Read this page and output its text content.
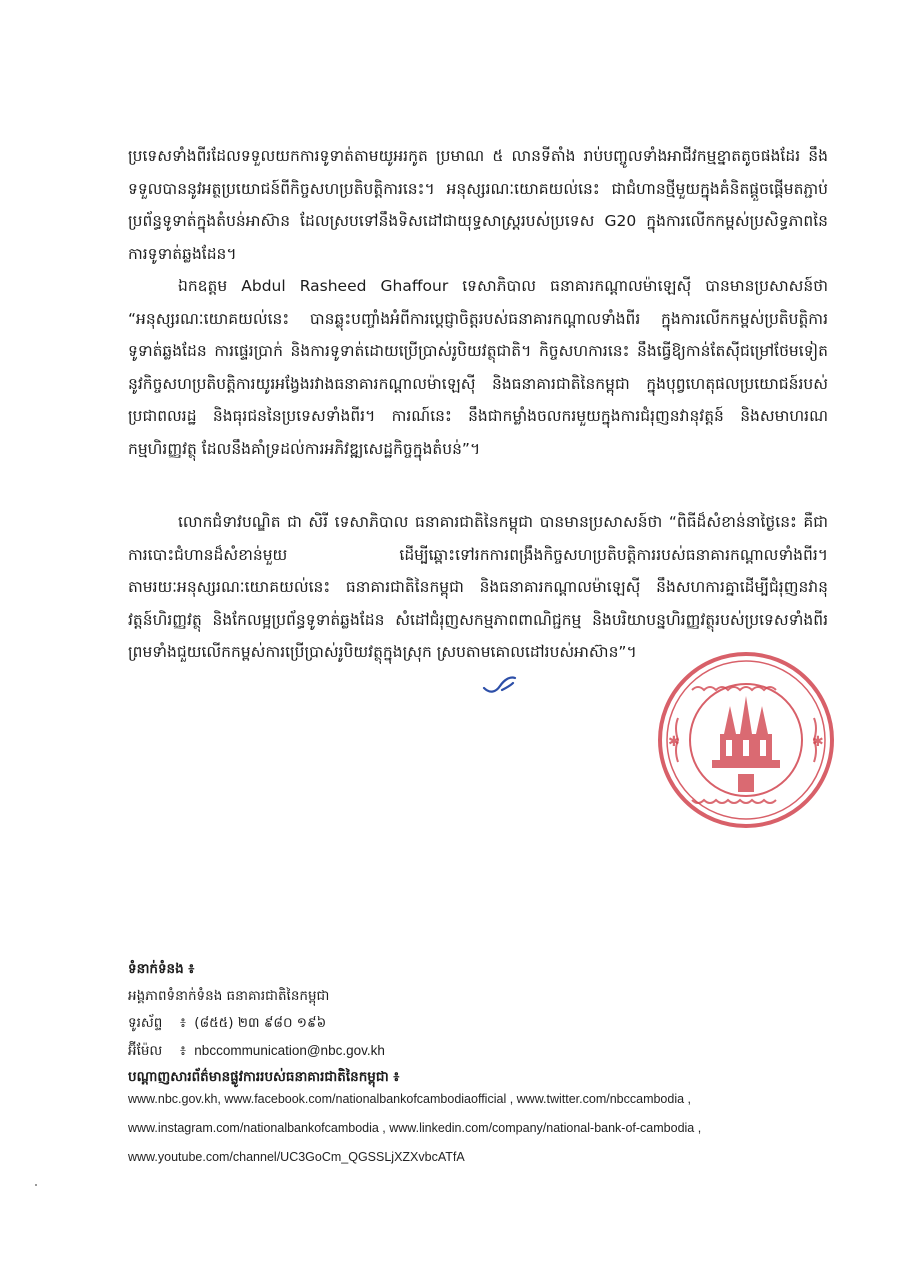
ប្រទេសទាំងពីរដែលទទួលយកការទូទាត់តាមយូអរកូត ប្រមាណ ៥ លានទីតាំង រាប់បញ្ចូលទាំងអាជីវកម្មខ្នាតតូចផងដែរ នឹងទទួលបាននូវអត្ថប្រយោជន៍ពីកិច្ចសហប្រតិបត្តិការនេះ។ អនុស្សរណៈយោគយល់នេះ ជាជំហានថ្មីមួយក្នុងគំនិតផ្តួចផ្តើមតភ្ជាប់ប្រព័ន្ធទូទាត់ក្នុងតំបន់អាស៊ាន ដែលស្របទៅនឹងទិសដៅជាយុទ្ធសាស្ត្ររបស់ប្រទេស G20 ក្នុងការលើកកម្ពស់ប្រសិទ្ធភាពនៃការទូទាត់ឆ្លងដែន។

ឯកឧត្តម Abdul Rasheed Ghaffour ទេសាភិបាល ធនាគារកណ្តាលម៉ាឡេស៊ី បានមានប្រសាសន៍ថា “អនុស្សរណៈយោគយល់នេះ បានឆ្លុះបញ្ចាំងអំពីការប្តេជ្ញាចិត្តរបស់ធនាគារកណ្តាលទាំងពីរ ក្នុងការលើកកម្ពស់ប្រតិបត្តិការទូទាត់ឆ្លងដែន ការផ្ទេរប្រាក់ និងការទូទាត់ដោយប្រើប្រាស់រូបិយវត្ថុជាតិ។ កិច្ចសហការនេះ នឹងធ្វើឱ្យកាន់តែស៊ីជម្រៅថែមទៀតនូវកិច្ចសហប្រតិបត្តិការយូរអង្វែងរវាងធនាគារកណ្តាលម៉ាឡេស៊ី និងធនាគារជាតិនៃកម្ពុជា ក្នុងបុព្វហេតុផលប្រយោជន៍របស់ប្រជាពលរដ្ឋ និងធុរជននៃប្រទេសទាំងពីរ។ ការណ៍នេះ នឹងជាកម្លាំងចលករមួយក្នុងការជំរុញនវានុវត្តន៍ និងសមាហរណកម្មហិរញ្ញវត្ថុ ដែលនឹងគាំទ្រដល់ការអភិវឌ្ឍសេដ្ឋកិច្ចក្នុងតំបន់”។

លោកជំទាវបណ្ឌិត ជា សិរី ទេសាភិបាល ធនាគារជាតិនៃកម្ពុជា បានមានប្រសាសន៍ថា “ពិធីដ៏សំខាន់នាថ្ងៃនេះ គឺជាការបោះជំហានដ៏សំខាន់មួយ ដើម្បីឆ្ពោះទៅរកការពង្រឹងកិច្ចសហប្រតិបត្តិការរបស់ធនាគារកណ្តាលទាំងពីរ។ តាមរយៈអនុស្សរណៈយោគយល់នេះ ធនាគារជាតិនៃកម្ពុជា និងធនាគារកណ្តាលម៉ាឡេស៊ី នឹងសហការគ្នាដើម្បីជំរុញនវានុវត្តន៍ហិរញ្ញវត្ថុ និងកែលម្អប្រព័ន្ធទូទាត់ឆ្លងដែន សំដៅជំរុញសកម្មភាពពាណិជ្ជកម្ម និងបរិយាបន្នហិរញ្ញវត្ថុរបស់ប្រទេសទាំងពីរ ព្រមទាំងជួយលើកកម្ពស់ការប្រើប្រាស់រូបិយវត្ថុក្នុងស្រុក ស្របតាមគោលដៅរបស់អាស៊ាន”។

✱	✱
ទំនាក់ទំនង ៖
អង្គភាពទំនាក់ទំនង ធនាគារជាតិនៃកម្ពុជា
ទូរស័ព្ទ ៖ (៨៥៥) ២៣ ៩៨០ ១៩៦
អ៊ីម៉ែល ៖ nbccommunication@nbc.gov.kh
បណ្តាញសារព័ត៌មានផ្លូវការរបស់ធនាគារជាតិនៃកម្ពុជា ៖
www.nbc.gov.kh, www.facebook.com/nationalbankofcambodiaofficial , www.twitter.com/nbccambodia ,
www.instagram.com/nationalbankofcambodia , www.linkedin.com/company/national-bank-of-cambodia ,
www.youtube.com/channel/UC3GoCm_QGSSLjXZXvbcATfA
